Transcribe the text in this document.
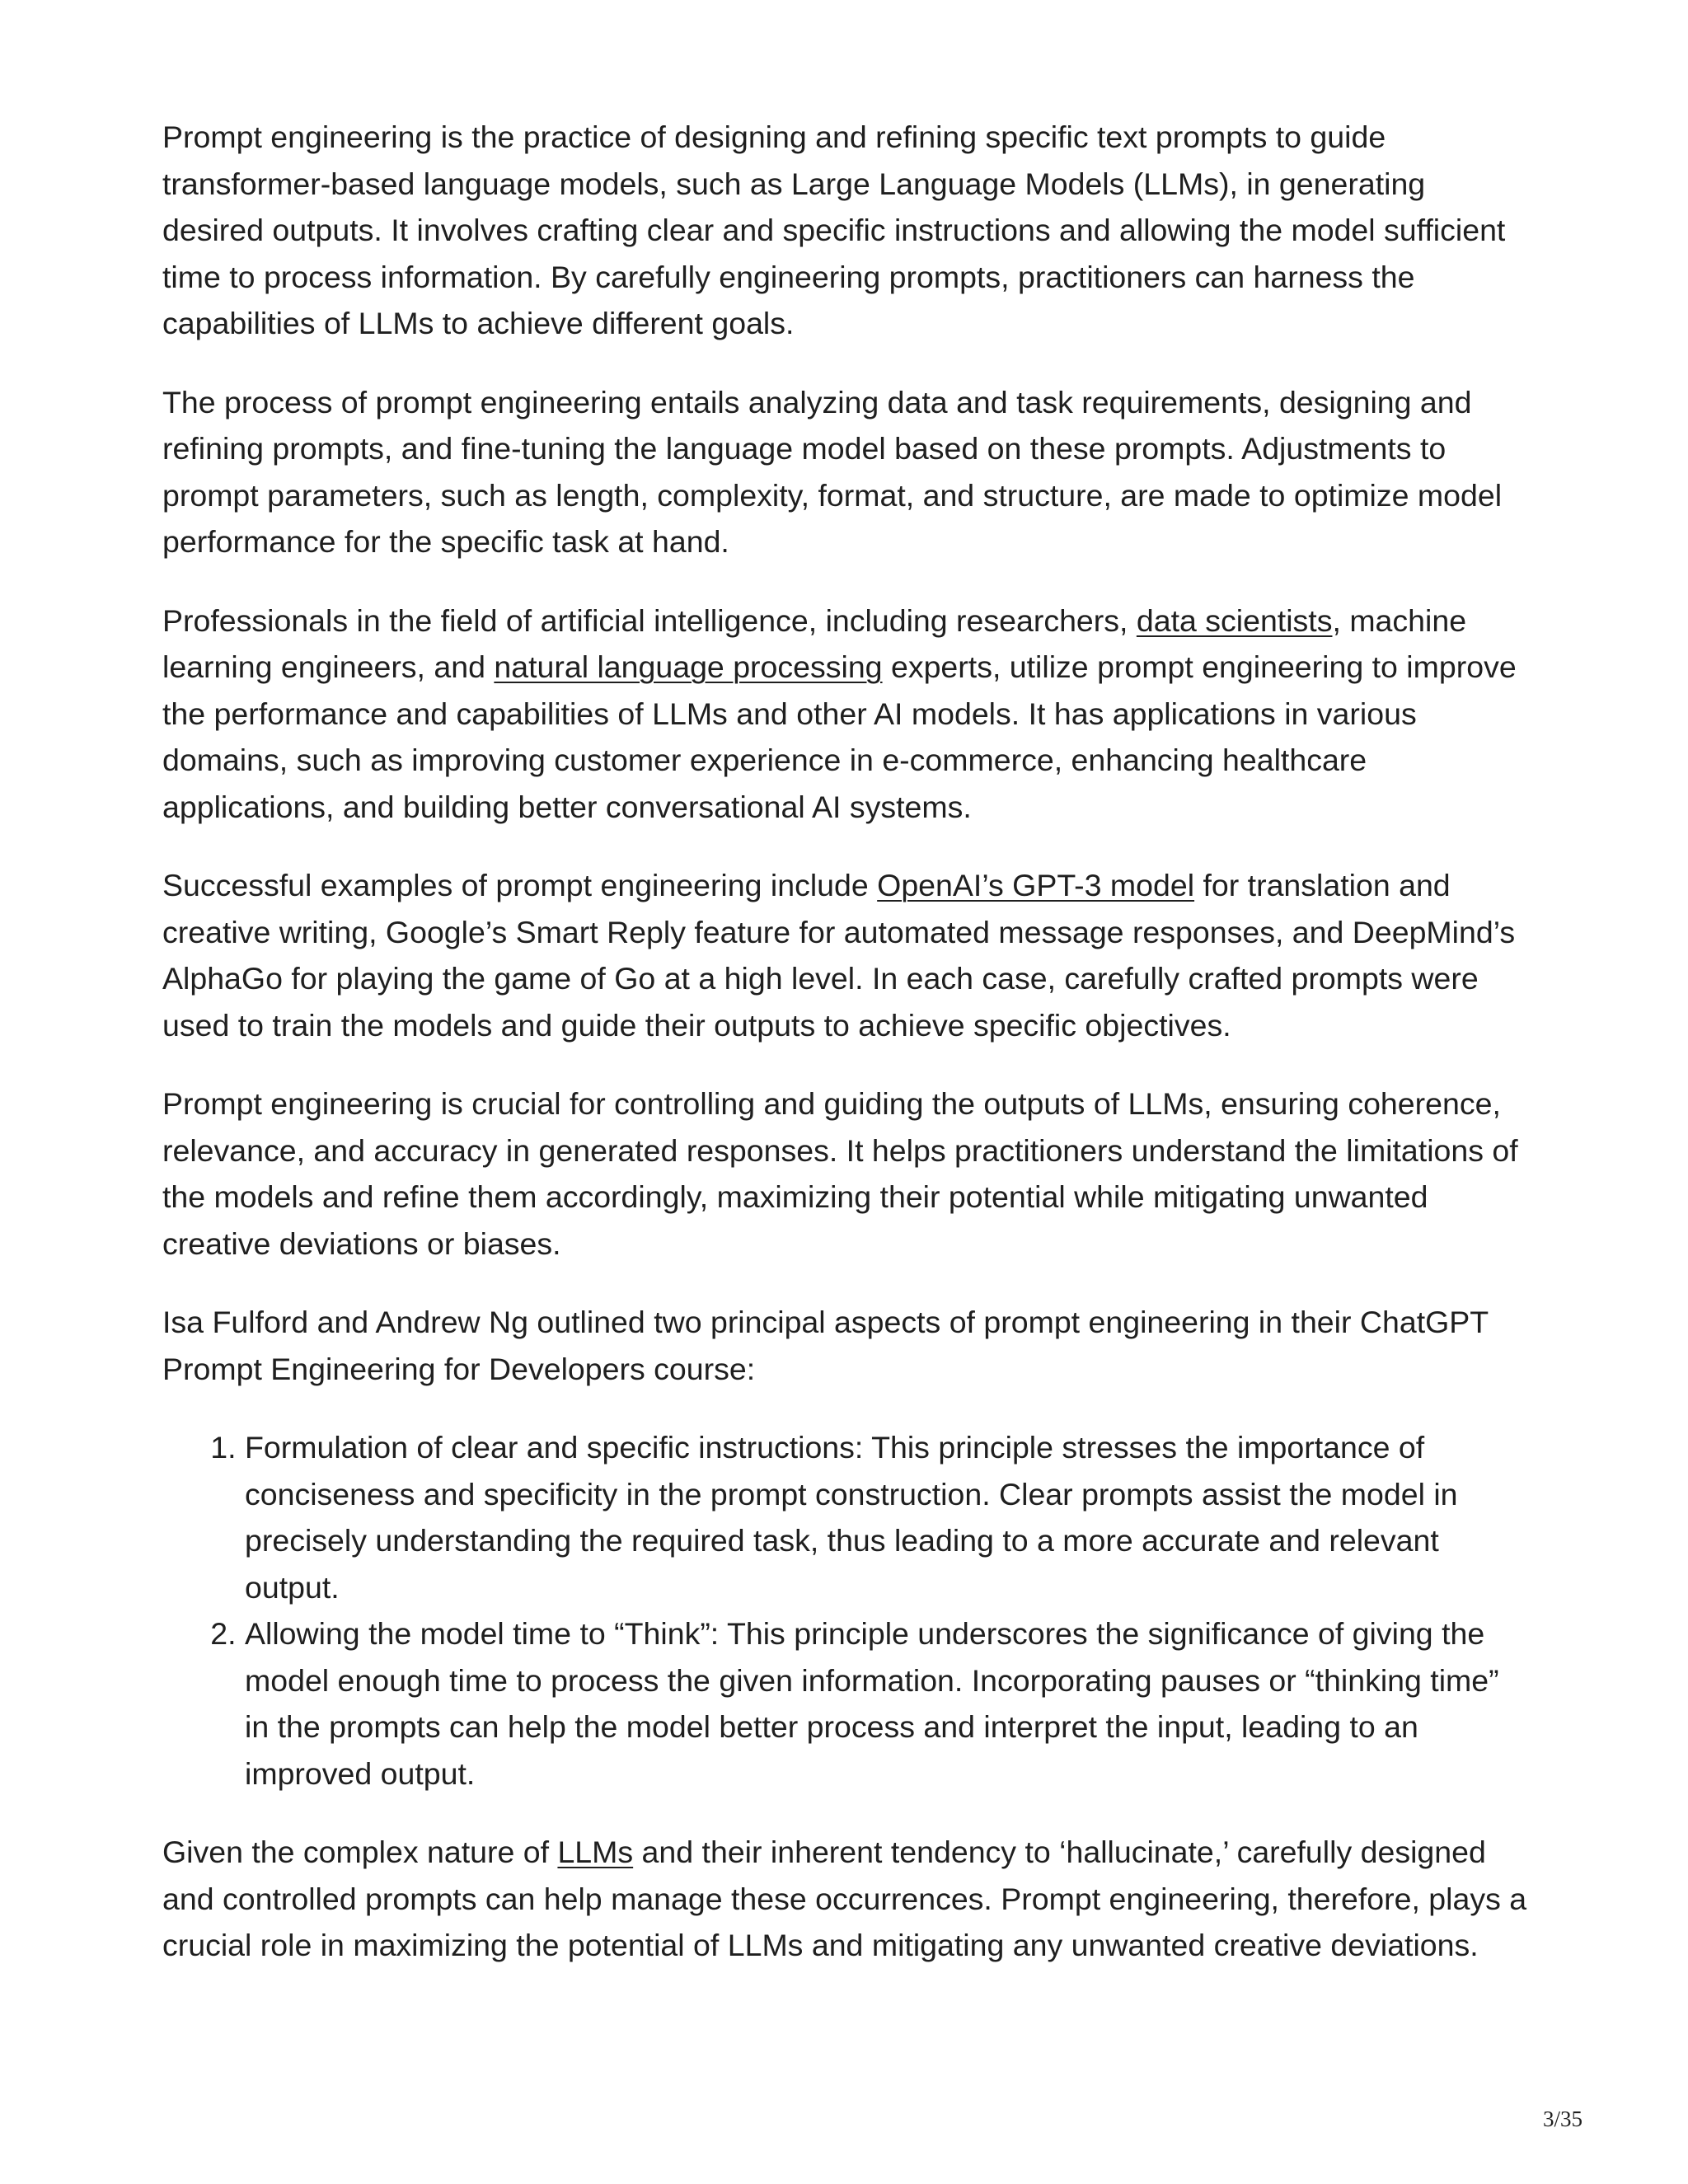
Prompt engineering is the practice of designing and refining specific text prompts to guide transformer-based language models, such as Large Language Models (LLMs), in generating desired outputs. It involves crafting clear and specific instructions and allowing the model sufficient time to process information. By carefully engineering prompts, practitioners can harness the capabilities of LLMs to achieve different goals.

The process of prompt engineering entails analyzing data and task requirements, designing and refining prompts, and fine-tuning the language model based on these prompts. Adjustments to prompt parameters, such as length, complexity, format, and structure, are made to optimize model performance for the specific task at hand.

Professionals in the field of artificial intelligence, including researchers, data scientists, machine learning engineers, and natural language processing experts, utilize prompt engineering to improve the performance and capabilities of LLMs and other AI models. It has applications in various domains, such as improving customer experience in e-commerce, enhancing healthcare applications, and building better conversational AI systems.

Successful examples of prompt engineering include OpenAI’s GPT-3 model for translation and creative writing, Google’s Smart Reply feature for automated message responses, and DeepMind’s AlphaGo for playing the game of Go at a high level. In each case, carefully crafted prompts were used to train the models and guide their outputs to achieve specific objectives.

Prompt engineering is crucial for controlling and guiding the outputs of LLMs, ensuring coherence, relevance, and accuracy in generated responses. It helps practitioners understand the limitations of the models and refine them accordingly, maximizing their potential while mitigating unwanted creative deviations or biases.

Isa Fulford and Andrew Ng outlined two principal aspects of prompt engineering in their ChatGPT Prompt Engineering for Developers course:

1. Formulation of clear and specific instructions: This principle stresses the importance of conciseness and specificity in the prompt construction. Clear prompts assist the model in precisely understanding the required task, thus leading to a more accurate and relevant output.
2. Allowing the model time to “Think”: This principle underscores the significance of giving the model enough time to process the given information. Incorporating pauses or “thinking time” in the prompts can help the model better process and interpret the input, leading to an improved output.

Given the complex nature of LLMs and their inherent tendency to ‘hallucinate,’ carefully designed and controlled prompts can help manage these occurrences. Prompt engineering, therefore, plays a crucial role in maximizing the potential of LLMs and mitigating any unwanted creative deviations.

3/35
